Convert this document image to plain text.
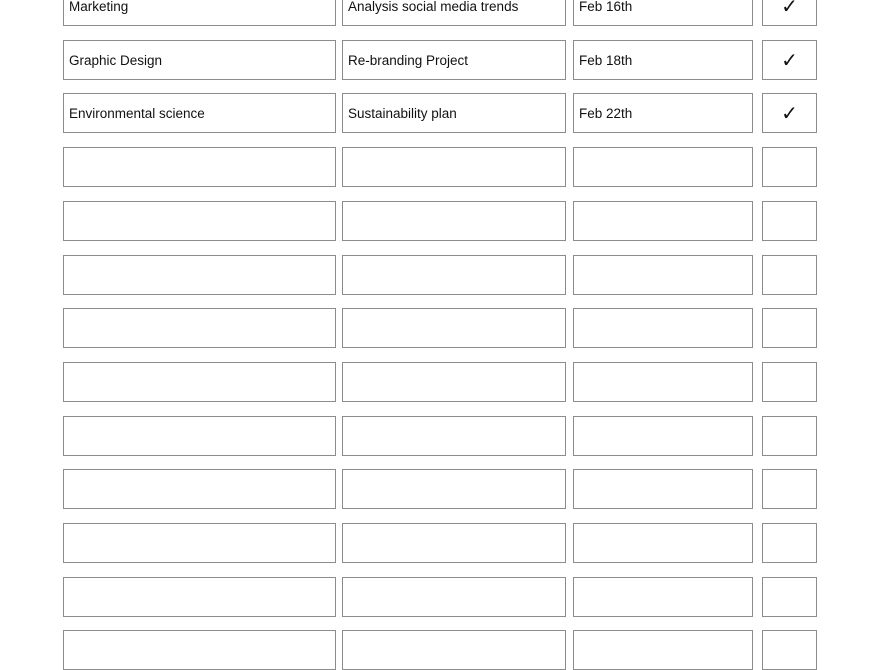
Marketing	Analysis social media trends	Feb 16th	✓
Graphic Design	Re-branding Project	Feb 18th	✓
Environmental science	Sustainability plan	Feb 22th	✓
